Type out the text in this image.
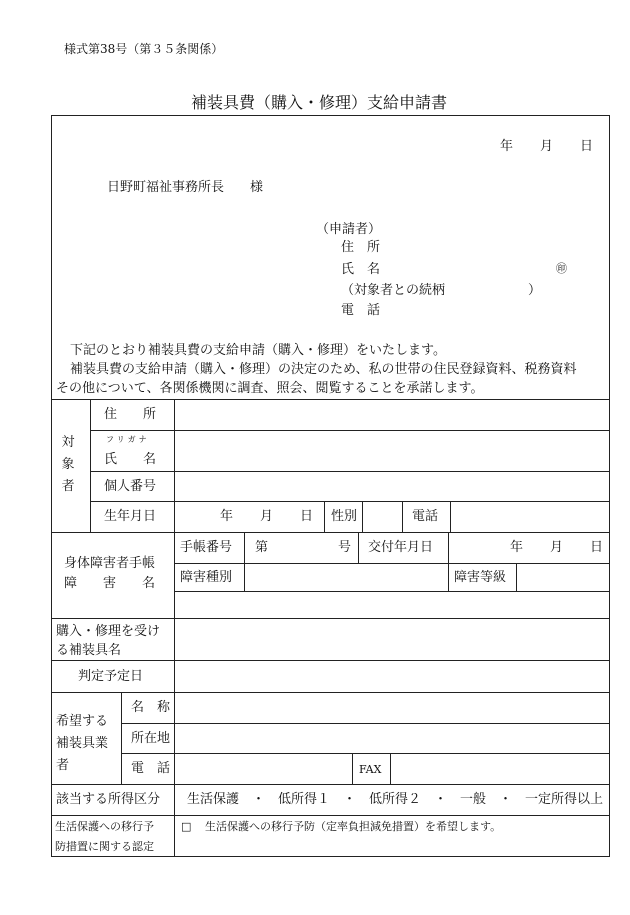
様式第38号（第３５条関係）
補装具費（購入・修理）支給申請書
年 月 日
日野町福祉事務所長　　様
（申請者）
住　所
氏　名	㊞
（対象者との続柄	）
電　話
下記のとおり補装具費の支給申請（購入・修理）をいたします。
補装具費の支給申請（購入・修理）の決定のため、私の世帯の住民登録資料、税務資料
その他について、各関係機関に調査、照会、閲覧することを承諾します。
対
象
者
住　　所
フリガナ
氏　　名
個人番号
生年月日	年 月 日 性別	電話
身体障害者手帳
障　　害　　名
手帳番号 第	号 交付年月日	年 月 日
障害種別	障害等級
購入・修理を受け
る補装具名
判定予定日
希望する
補装具業
者
名　称
所在地
電　話	FAX
該当する所得区分 生活保護　・　低所得１　・　低所得２　・　一般　・　一定所得以上
生活保護への移行予
防措置に関する認定
□ 生活保護への移行予防（定率負担減免措置）を希望します。
